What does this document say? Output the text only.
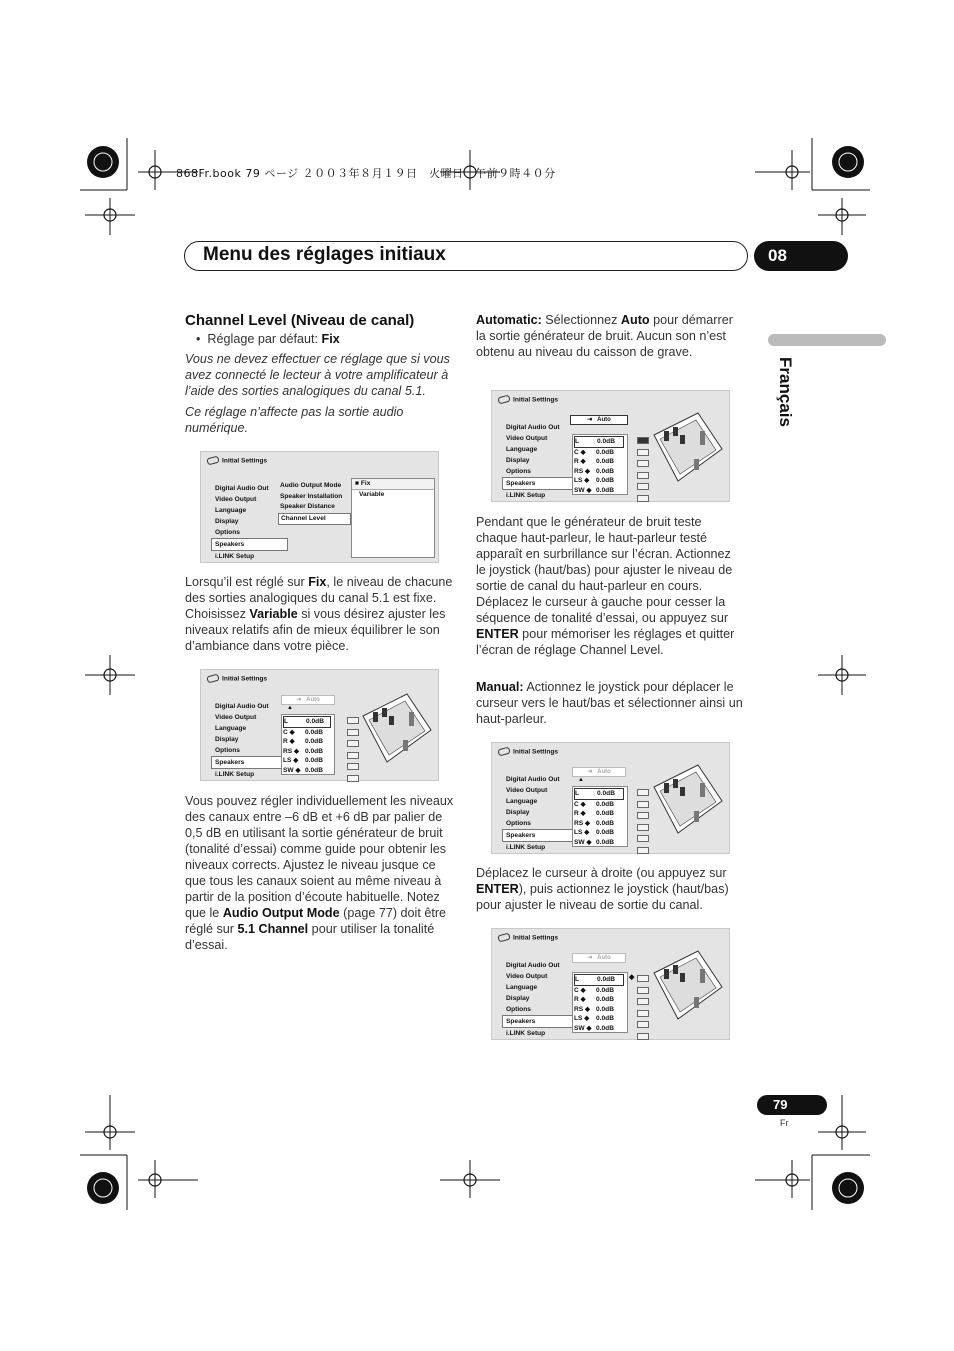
868Fr.book 79 ページ ２００３年８月１９日　火曜日　午前９時４０分
Menu des réglages initiaux	08
Français
Channel Level (Niveau de canal)
•  Réglage par défaut: Fix
Vous ne devez effectuer ce réglage que si vous avez connecté le lecteur à votre amplificateur à l’aide des sorties analogiques du canal 5.1.
Ce réglage n’affecte pas la sortie audio numérique.
Initial Settings
Digital Audio Out
Video Output
Language
Display
Options
Speakers
i.LINK Setup
Audio Output Mode
Speaker Installation
Speaker Distance
Channel Level
■ Fix
Variable
Lorsqu’il est réglé sur Fix, le niveau de chacune des sorties analogiques du canal 5.1 est fixe. Choisissez Variable si vous désirez ajuster les niveaux relatifs afin de mieux équilibrer le son d’ambiance dans votre pièce.
Initial Settings
Digital Audio Out
Video Output
Language
Display
Options
Speakers
i.LINK Setup
⇥   Auto
▲
L	0.0dB
C ◆ 0.0dB
R ◆ 0.0dB
RS ◆ 0.0dB
LS ◆ 0.0dB
SW ◆ 0.0dB
Vous pouvez régler individuellement les niveaux des canaux entre –6 dB et +6 dB par palier de 0,5 dB en utilisant la sortie générateur de bruit (tonalité d’essai) comme guide pour obtenir les niveaux corrects. Ajustez le niveau jusque ce que tous les canaux soient au même niveau à partir de la position d’écoute habituelle. Notez que le Audio Output Mode (page 77) doit être réglé sur 5.1 Channel pour utiliser la tonalité d’essai.
Automatic: Sélectionnez Auto pour démarrer la sortie générateur de bruit. Aucun son n’est obtenu au niveau du caisson de grave.
Initial Settings
Digital Audio Out
Video Output
Language
Display
Options
Speakers
i.LINK Setup
⇥   Auto
L	0.0dB
C ◆ 0.0dB
R ◆ 0.0dB
RS ◆ 0.0dB
LS ◆ 0.0dB
SW ◆ 0.0dB
Pendant que le générateur de bruit teste chaque haut-parleur, le haut-parleur testé apparaît en surbrillance sur l’écran. Actionnez le joystick (haut/bas) pour ajuster le niveau de sortie de canal du haut-parleur en cours. Déplacez le curseur à gauche pour cesser la séquence de tonalité d’essai, ou appuyez sur ENTER pour mémoriser les réglages et quitter l’écran de réglage Channel Level.
Manual: Actionnez le joystick pour déplacer le curseur vers le haut/bas et sélectionner ainsi un haut-parleur.
Initial Settings
Digital Audio Out
Video Output
Language
Display
Options
Speakers
i.LINK Setup
⇥   Auto
▲
L	0.0dB
C ◆ 0.0dB
R ◆ 0.0dB
RS ◆ 0.0dB
LS ◆ 0.0dB
SW ◆ 0.0dB
Déplacez le curseur à droite (ou appuyez sur ENTER), puis actionnez le joystick (haut/bas) pour ajuster le niveau de sortie du canal.
Initial Settings
Digital Audio Out
Video Output
Language
Display
Options
Speakers
i.LINK Setup
⇥   Auto
L	0.0dB
C ◆ 0.0dB
R ◆ 0.0dB
RS ◆ 0.0dB
LS ◆ 0.0dB
SW ◆ 0.0dB
◆
79
Fr
